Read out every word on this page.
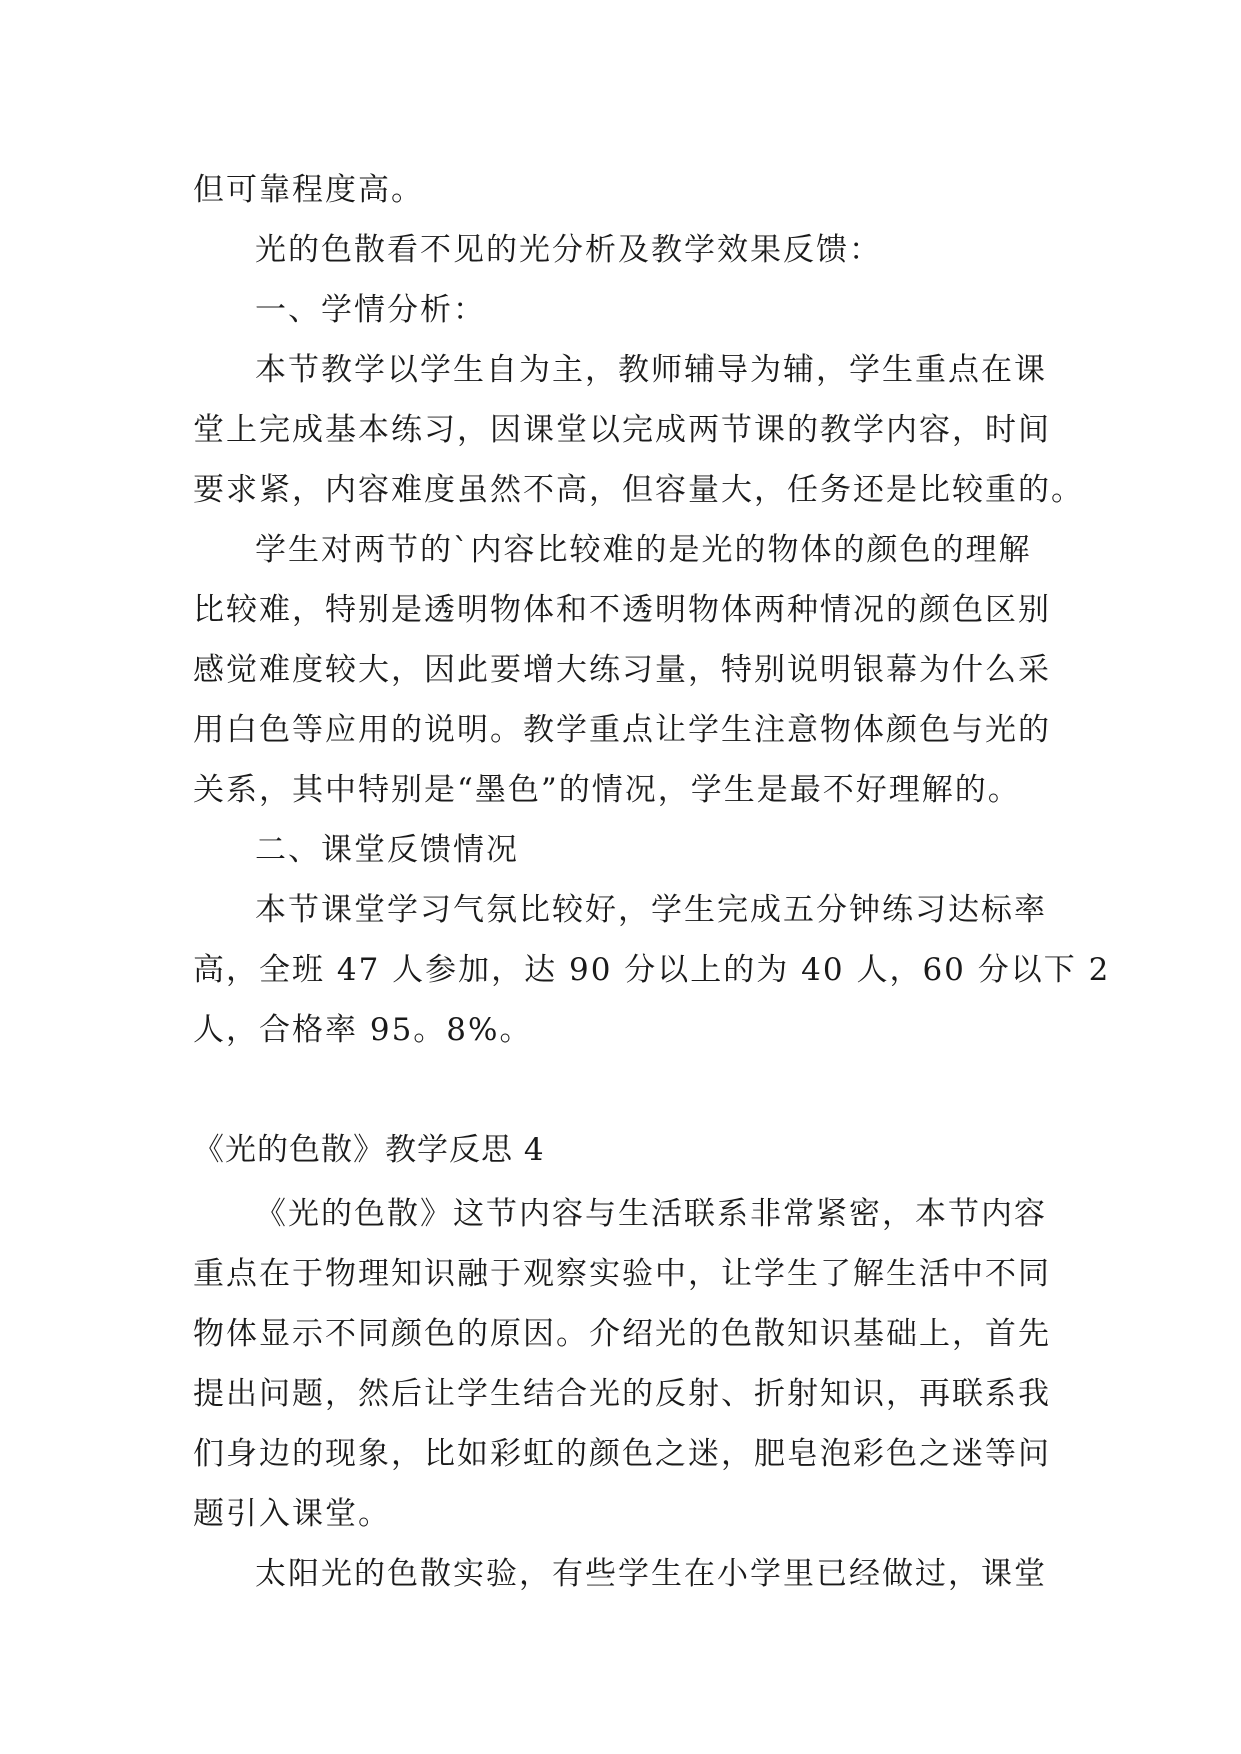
但可靠程度高。
光的色散看不见的光分析及教学效果反馈：
一、学情分析：
本节教学以学生自为主，教师辅导为辅，学生重点在课
堂上完成基本练习，因课堂以完成两节课的教学内容，时间
要求紧，内容难度虽然不高，但容量大，任务还是比较重的。
学生对两节的`内容比较难的是光的物体的颜色的理解
比较难，特别是透明物体和不透明物体两种情况的颜色区别
感觉难度较大，因此要增大练习量，特别说明银幕为什么采
用白色等应用的说明。教学重点让学生注意物体颜色与光的
关系，其中特别是“墨色”的情况，学生是最不好理解的。
二、课堂反馈情况
本节课堂学习气氛比较好，学生完成五分钟练习达标率
高，全班 47 人参加，达 90 分以上的为 40 人，60 分以下 2
人，合格率 95。8%。
《光的色散》教学反思 4
《光的色散》这节内容与生活联系非常紧密，本节内容
重点在于物理知识融于观察实验中，让学生了解生活中不同
物体显示不同颜色的原因。介绍光的色散知识基础上，首先
提出问题，然后让学生结合光的反射、折射知识，再联系我
们身边的现象，比如彩虹的颜色之迷，肥皂泡彩色之迷等问
题引入课堂。
太阳光的色散实验，有些学生在小学里已经做过，课堂
